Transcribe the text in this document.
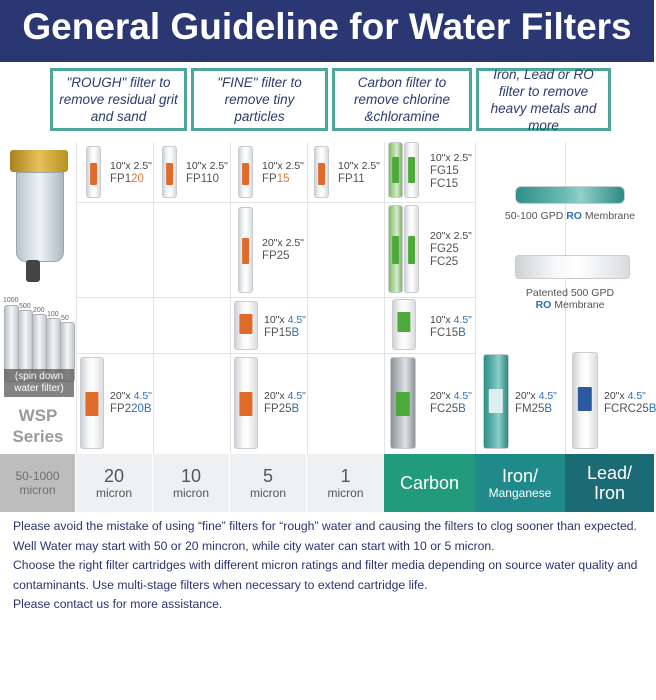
General Guideline for Water Filters
"ROUGH" filter to remove residual grit and sand
"FINE" filter to remove tiny particles
Carbon filter to remove chlorine &chloramine
Iron, Lead or RO filter to remove heavy metals and more
1000
500
200
100
50
(spin down
water filter)
WSP
Series
10"x 2.5"
FP120
10"x 2.5"
FP110
10"x 2.5"
FP15
10"x 2.5"
FP11
10"x 2.5"
FG15
FC15
50-100 GPD RO Membrane
20"x 2.5"
FP25
20"x 2.5"
FG25
FC25
Patented 500 GPD
RO Membrane
10"x 4.5"
FP15B
10"x 4.5"
FC15B
20"x 4.5"
FP220B
20"x 4.5"
FP25B
20"x 4.5"
FC25B
20"x 4.5"
FM25B
20"x 4.5"
FCRC25B
50-1000
micron
20
micron
10
micron
5
micron
1
micron Carbon Iron/
Manganese
Lead/
Iron

Please avoid the mistake of using “fine” filters for “rough” water and causing the filters to clog sooner than expected.

Well Water may start with 50 or 20 mincron, while city water can start with 10 or 5 micron.

Choose the right filter cartridges with different micron ratings and filter media depending on source water quality and contaminants. Use multi-stage filters when necessary to extend cartridge life.

Please contact us for more assistance.
